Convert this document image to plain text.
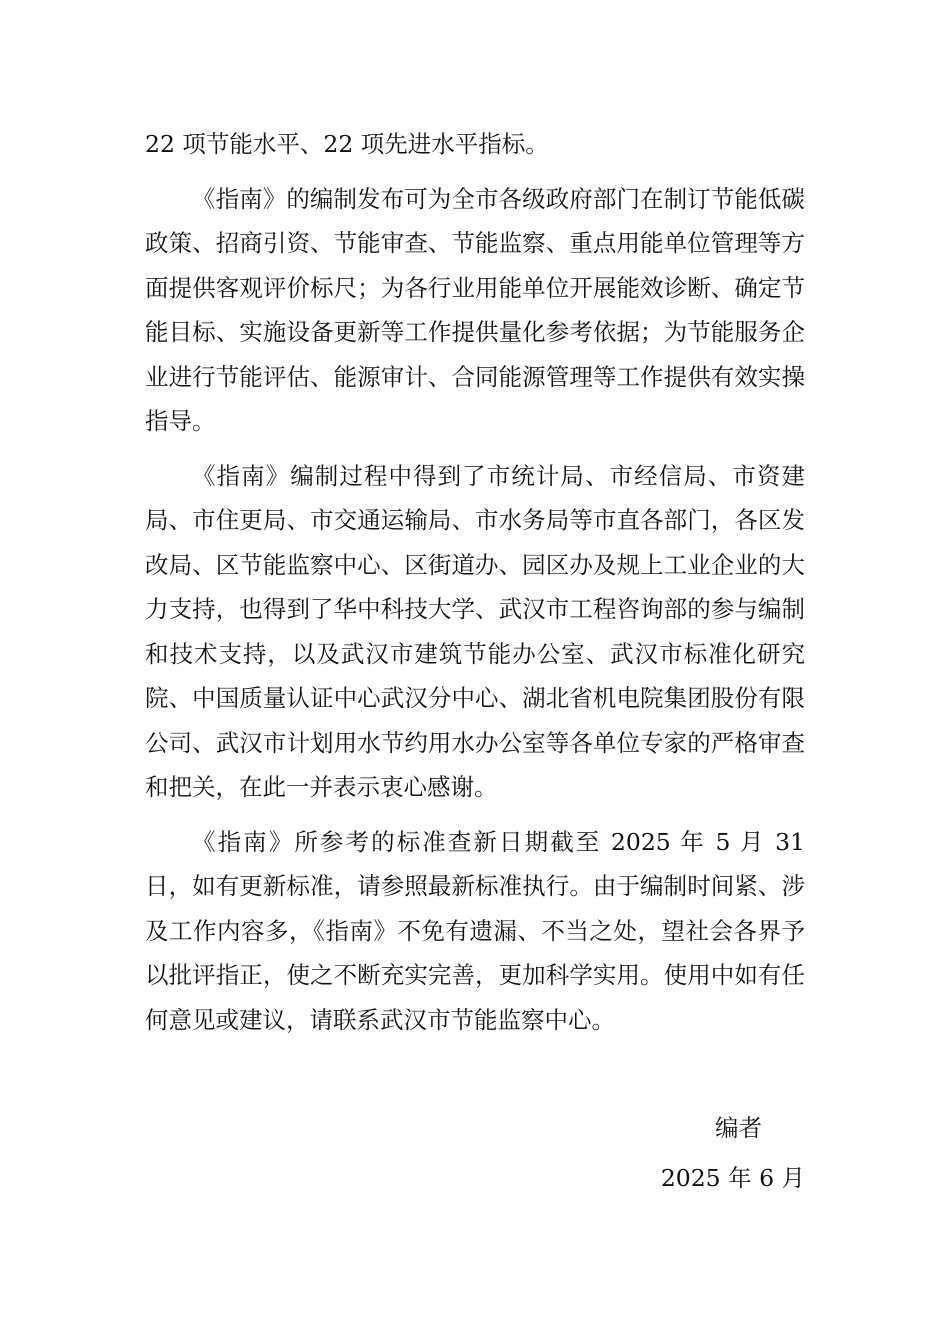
22 项节能水平、22 项先进水平指标。

《指南》的编制发布可为全市各级政府部门在制订节能低碳政策、招商引资、节能审查、节能监察、重点用能单位管理等方面提供客观评价标尺；为各行业用能单位开展能效诊断、确定节能目标、实施设备更新等工作提供量化参考依据；为节能服务企业进行节能评估、能源审计、合同能源管理等工作提供有效实操指导。

《指南》编制过程中得到了市统计局、市经信局、市资建局、市住更局、市交通运输局、市水务局等市直各部门，各区发改局、区节能监察中心、区街道办、园区办及规上工业企业的大力支持，也得到了华中科技大学、武汉市工程咨询部的参与编制和技术支持，以及武汉市建筑节能办公室、武汉市标准化研究院、中国质量认证中心武汉分中心、湖北省机电院集团股份有限公司、武汉市计划用水节约用水办公室等各单位专家的严格审查和把关，在此一并表示衷心感谢。

《指南》所参考的标准查新日期截至 2025 年 5 月 31 日，如有更新标准，请参照最新标准执行。由于编制时间紧、涉及工作内容多，《指南》不免有遗漏、不当之处，望社会各界予以批评指正，使之不断充实完善，更加科学实用。使用中如有任何意见或建议，请联系武汉市节能监察中心。

编者
2025 年 6 月
